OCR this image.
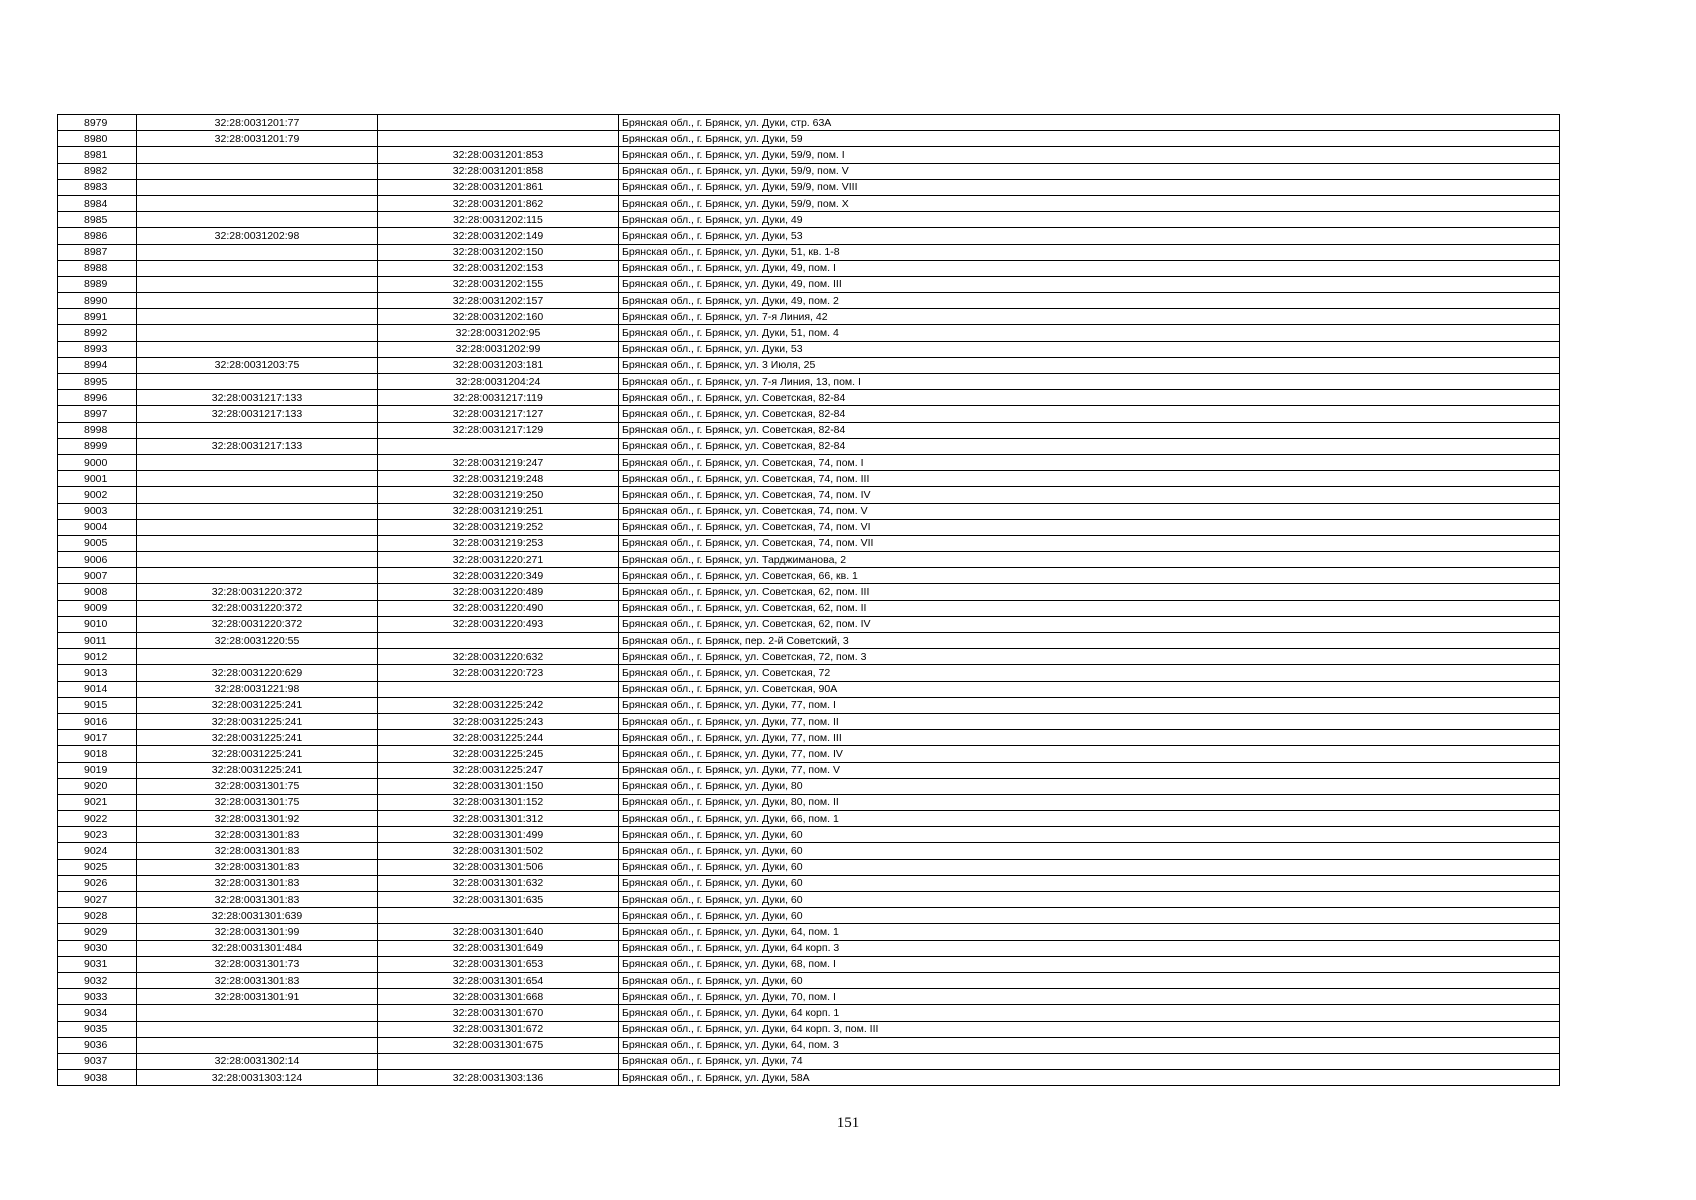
8979	32:28:0031201:77		Брянская обл., г. Брянск, ул. Дуки, стр. 63А
8980	32:28:0031201:79		Брянская обл., г. Брянск, ул. Дуки, 59
8981		32:28:0031201:853	Брянская обл., г. Брянск, ул. Дуки, 59/9, пом. I
8982		32:28:0031201:858	Брянская обл., г. Брянск, ул. Дуки, 59/9, пом. V
8983		32:28:0031201:861	Брянская обл., г. Брянск, ул. Дуки, 59/9, пом. VIII
8984		32:28:0031201:862	Брянская обл., г. Брянск, ул. Дуки, 59/9, пом. X
8985		32:28:0031202:115	Брянская обл., г. Брянск, ул. Дуки, 49
8986	32:28:0031202:98	32:28:0031202:149	Брянская обл., г. Брянск, ул. Дуки, 53
8987		32:28:0031202:150	Брянская обл., г. Брянск, ул. Дуки, 51, кв. 1-8
8988		32:28:0031202:153	Брянская обл., г. Брянск, ул. Дуки, 49, пом. I
8989		32:28:0031202:155	Брянская обл., г. Брянск, ул. Дуки, 49, пом. III
8990		32:28:0031202:157	Брянская обл., г. Брянск, ул. Дуки, 49, пом. 2
8991		32:28:0031202:160	Брянская обл., г. Брянск, ул. 7-я Линия, 42
8992		32:28:0031202:95	Брянская обл., г. Брянск, ул. Дуки, 51, пом. 4
8993		32:28:0031202:99	Брянская обл., г. Брянск, ул. Дуки, 53
8994	32:28:0031203:75	32:28:0031203:181	Брянская обл., г. Брянск, ул. 3 Июля, 25
8995		32:28:0031204:24	Брянская обл., г. Брянск, ул. 7-я Линия, 13, пом. I
8996	32:28:0031217:133	32:28:0031217:119	Брянская обл., г. Брянск, ул. Советская, 82-84
8997	32:28:0031217:133	32:28:0031217:127	Брянская обл., г. Брянск, ул. Советская, 82-84
8998		32:28:0031217:129	Брянская обл., г. Брянск, ул. Советская, 82-84
8999	32:28:0031217:133		Брянская обл., г. Брянск, ул. Советская, 82-84
9000		32:28:0031219:247	Брянская обл., г. Брянск, ул. Советская, 74, пом. I
9001		32:28:0031219:248	Брянская обл., г. Брянск, ул. Советская, 74, пом. III
9002		32:28:0031219:250	Брянская обл., г. Брянск, ул. Советская, 74, пом. IV
9003		32:28:0031219:251	Брянская обл., г. Брянск, ул. Советская, 74, пом. V
9004		32:28:0031219:252	Брянская обл., г. Брянск, ул. Советская, 74, пом. VI
9005		32:28:0031219:253	Брянская обл., г. Брянск, ул. Советская, 74, пом. VII
9006		32:28:0031220:271	Брянская обл., г. Брянск, ул. Тарджиманова, 2
9007		32:28:0031220:349	Брянская обл., г. Брянск, ул. Советская, 66, кв. 1
9008	32:28:0031220:372	32:28:0031220:489	Брянская обл., г. Брянск, ул. Советская, 62, пом. III
9009	32:28:0031220:372	32:28:0031220:490	Брянская обл., г. Брянск, ул. Советская, 62, пом. II
9010	32:28:0031220:372	32:28:0031220:493	Брянская обл., г. Брянск, ул. Советская, 62, пом. IV
9011	32:28:0031220:55		Брянская обл., г. Брянск, пер. 2-й Советский, 3
9012		32:28:0031220:632	Брянская обл., г. Брянск, ул. Советская, 72, пом. 3
9013	32:28:0031220:629	32:28:0031220:723	Брянская обл., г. Брянск, ул. Советская, 72
9014	32:28:0031221:98		Брянская обл., г. Брянск, ул. Советская, 90А
9015	32:28:0031225:241	32:28:0031225:242	Брянская обл., г. Брянск, ул. Дуки, 77, пом. I
9016	32:28:0031225:241	32:28:0031225:243	Брянская обл., г. Брянск, ул. Дуки, 77, пом. II
9017	32:28:0031225:241	32:28:0031225:244	Брянская обл., г. Брянск, ул. Дуки, 77, пом. III
9018	32:28:0031225:241	32:28:0031225:245	Брянская обл., г. Брянск, ул. Дуки, 77, пом. IV
9019	32:28:0031225:241	32:28:0031225:247	Брянская обл., г. Брянск, ул. Дуки, 77, пом. V
9020	32:28:0031301:75	32:28:0031301:150	Брянская обл., г. Брянск, ул. Дуки, 80
9021	32:28:0031301:75	32:28:0031301:152	Брянская обл., г. Брянск, ул. Дуки, 80, пом. II
9022	32:28:0031301:92	32:28:0031301:312	Брянская обл., г. Брянск, ул. Дуки, 66, пом. 1
9023	32:28:0031301:83	32:28:0031301:499	Брянская обл., г. Брянск, ул. Дуки, 60
9024	32:28:0031301:83	32:28:0031301:502	Брянская обл., г. Брянск, ул. Дуки, 60
9025	32:28:0031301:83	32:28:0031301:506	Брянская обл., г. Брянск, ул. Дуки, 60
9026	32:28:0031301:83	32:28:0031301:632	Брянская обл., г. Брянск, ул. Дуки, 60
9027	32:28:0031301:83	32:28:0031301:635	Брянская обл., г. Брянск, ул. Дуки, 60
9028	32:28:0031301:639		Брянская обл., г. Брянск, ул. Дуки, 60
9029	32:28:0031301:99	32:28:0031301:640	Брянская обл., г. Брянск, ул. Дуки, 64, пом. 1
9030	32:28:0031301:484	32:28:0031301:649	Брянская обл., г. Брянск, ул. Дуки, 64 корп. 3
9031	32:28:0031301:73	32:28:0031301:653	Брянская обл., г. Брянск, ул. Дуки, 68, пом. I
9032	32:28:0031301:83	32:28:0031301:654	Брянская обл., г. Брянск, ул. Дуки, 60
9033	32:28:0031301:91	32:28:0031301:668	Брянская обл., г. Брянск, ул. Дуки, 70, пом. I
9034		32:28:0031301:670	Брянская обл., г. Брянск, ул. Дуки, 64 корп. 1
9035		32:28:0031301:672	Брянская обл., г. Брянск, ул. Дуки, 64 корп. 3, пом. III
9036		32:28:0031301:675	Брянская обл., г. Брянск, ул. Дуки, 64, пом. 3
9037	32:28:0031302:14		Брянская обл., г. Брянск, ул. Дуки, 74
9038	32:28:0031303:124	32:28:0031303:136	Брянская обл., г. Брянск, ул. Дуки, 58А
151
